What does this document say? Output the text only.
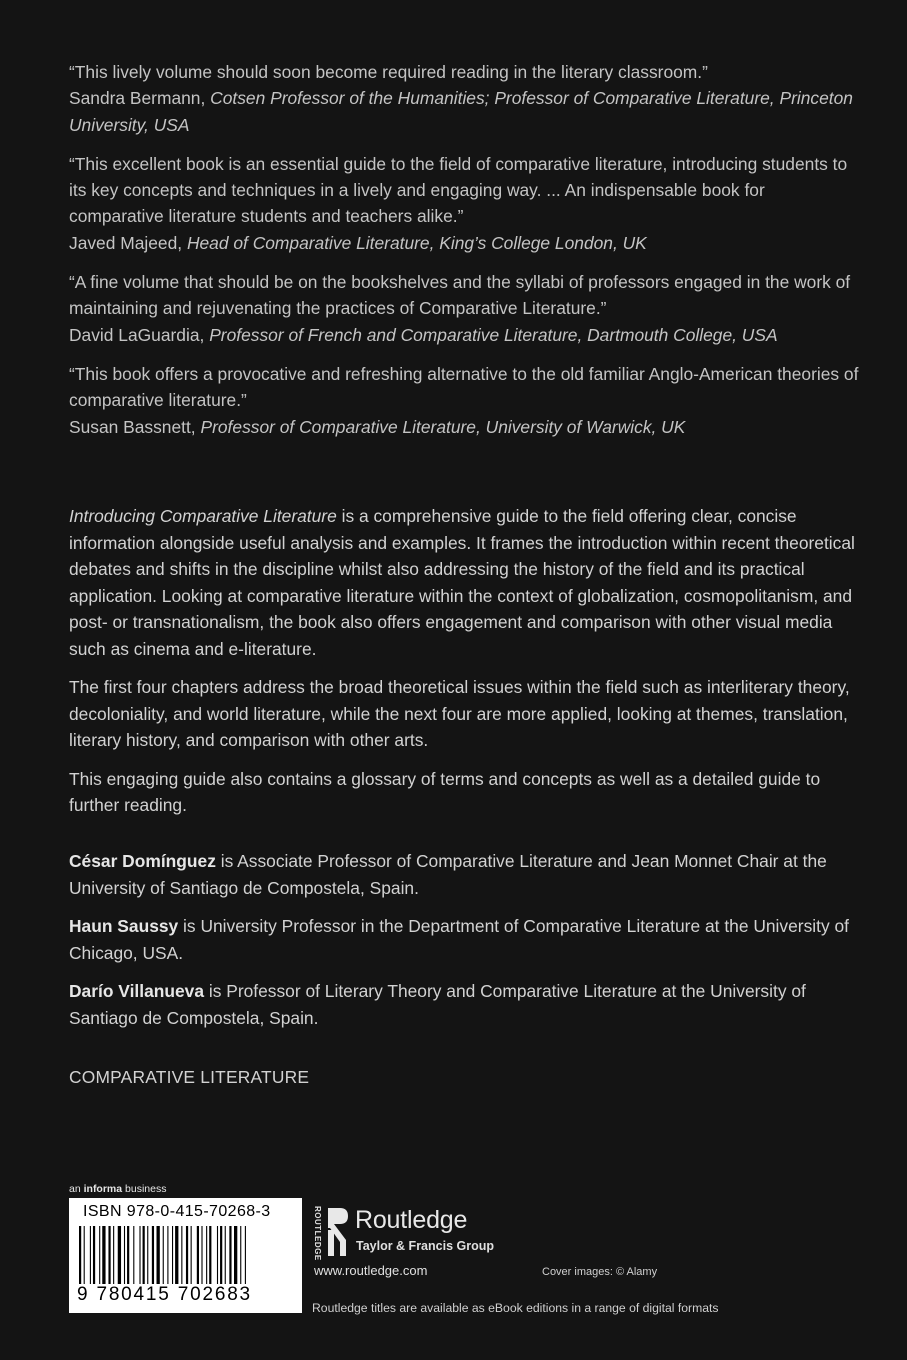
“This lively volume should soon become required reading in the literary classroom.”
Sandra Bermann, Cotsen Professor of the Humanities; Professor of Comparative Literature, Princeton University, USA

“This excellent book is an essential guide to the field of comparative literature, introducing students to its key concepts and techniques in a lively and engaging way. ... An indispensable book for comparative literature students and teachers alike.”
Javed Majeed, Head of Comparative Literature, King’s College London, UK

“A fine volume that should be on the bookshelves and the syllabi of professors engaged in the work of maintaining and rejuvenating the practices of Comparative Literature.”
David LaGuardia, Professor of French and Comparative Literature, Dartmouth College, USA

“This book offers a provocative and refreshing alternative to the old familiar Anglo-American theories of comparative literature.”
Susan Bassnett, Professor of Comparative Literature, University of Warwick, UK

Introducing Comparative Literature is a comprehensive guide to the field offering clear, concise information alongside useful analysis and examples. It frames the introduction within recent theoretical debates and shifts in the discipline whilst also addressing the history of the field and its practical application. Looking at comparative literature within the context of globalization, cosmopolitanism, and post- or transnationalism, the book also offers engagement and comparison with other visual media such as cinema and e-literature.

The first four chapters address the broad theoretical issues within the field such as interliterary theory, decoloniality, and world literature, while the next four are more applied, looking at themes, translation, literary history, and comparison with other arts.

This engaging guide also contains a glossary of terms and concepts as well as a detailed guide to further reading.

César Domínguez is Associate Professor of Comparative Literature and Jean Monnet Chair at the University of Santiago de Compostela, Spain.

Haun Saussy is University Professor in the Department of Comparative Literature at the University of Chicago, USA.

Darío Villanueva is Professor of Literary Theory and Comparative Literature at the University of Santiago de Compostela, Spain.

COMPARATIVE LITERATURE
an informa business
ISBN 978-0-415-70268-3
9 780415 702683
ROUTLEDGE Routledge
Taylor & Francis Group
www.routledge.com	Cover images: © Alamy
Routledge titles are available as eBook editions in a range of digital formats
